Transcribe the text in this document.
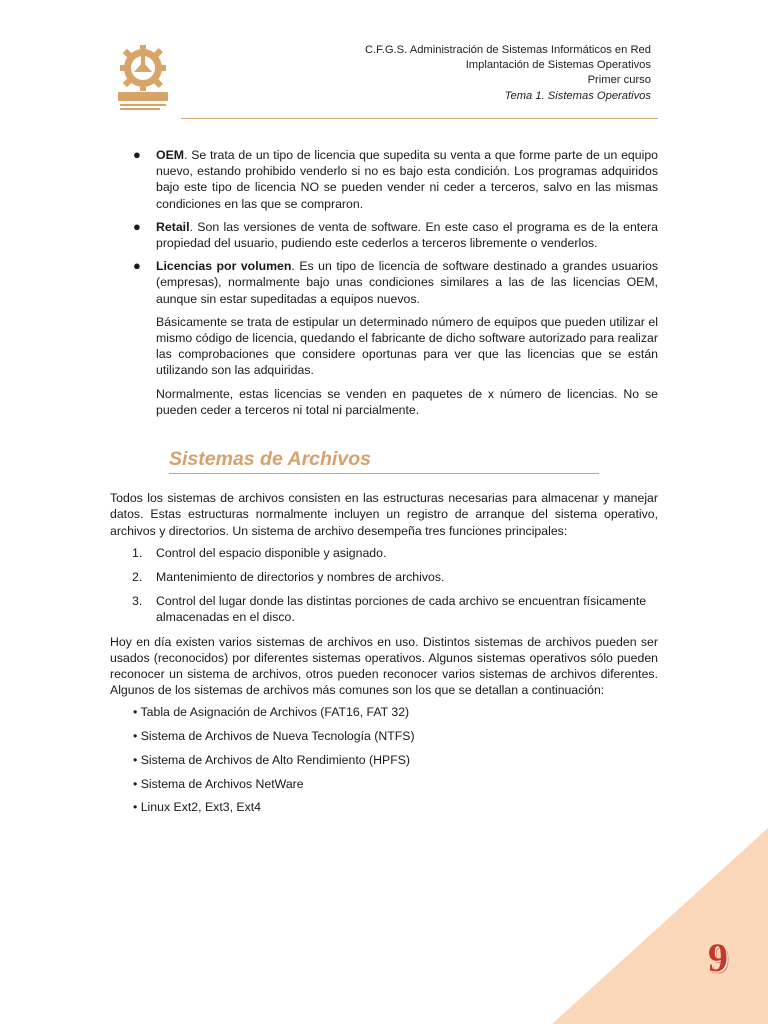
C.F.G.S. Administración de Sistemas Informáticos en Red
Implantación de Sistemas Operativos
Primer curso
Tema 1. Sistemas Operativos
● OEM. Se trata de un tipo de licencia que supedita su venta a que forme parte de un equipo nuevo, estando prohibido venderlo si no es bajo esta condición. Los programas adquiridos bajo este tipo de licencia NO se pueden vender ni ceder a terceros, salvo en las mismas condiciones en las que se compraron.

● Retail. Son las versiones de venta de software. En este caso el programa es de la entera propiedad del usuario, pudiendo este cederlos a terceros libremente o venderlos.

● Licencias por volumen. Es un tipo de licencia de software destinado a grandes usuarios (empresas), normalmente bajo unas condiciones similares a las de las licencias OEM, aunque sin estar supeditadas a equipos nuevos.

Básicamente se trata de estipular un determinado número de equipos que pueden utilizar el mismo código de licencia, quedando el fabricante de dicho software autorizado para realizar las comprobaciones que considere oportunas para ver que las licencias que se están utilizando son las adquiridas.

Normalmente, estas licencias se venden en paquetes de x número de licencias. No se pueden ceder a terceros ni total ni parcialmente.

Sistemas de Archivos

Todos los sistemas de archivos consisten en las estructuras necesarias para almacenar y manejar datos. Estas estructuras normalmente incluyen un registro de arranque del sistema operativo, archivos y directorios. Un sistema de archivo desempeña tres funciones principales:

1. Control del espacio disponible y asignado.
2. Mantenimiento de directorios y nombres de archivos.
3. Control del lugar donde las distintas porciones de cada archivo se encuentran físicamente almacenadas en el disco.

Hoy en día existen varios sistemas de archivos en uso. Distintos sistemas de archivos pueden ser usados (reconocidos) por diferentes sistemas operativos. Algunos sistemas operativos sólo pueden reconocer un sistema de archivos, otros pueden reconocer varios sistemas de archivos diferentes. Algunos de los sistemas de archivos más comunes son los que se detallan a continuación:

• Tabla de Asignación de Archivos (FAT16, FAT 32)
• Sistema de Archivos de Nueva Tecnología (NTFS)
• Sistema de Archivos de Alto Rendimiento (HPFS)
• Sistema de Archivos NetWare
• Linux Ext2, Ext3, Ext4
9
